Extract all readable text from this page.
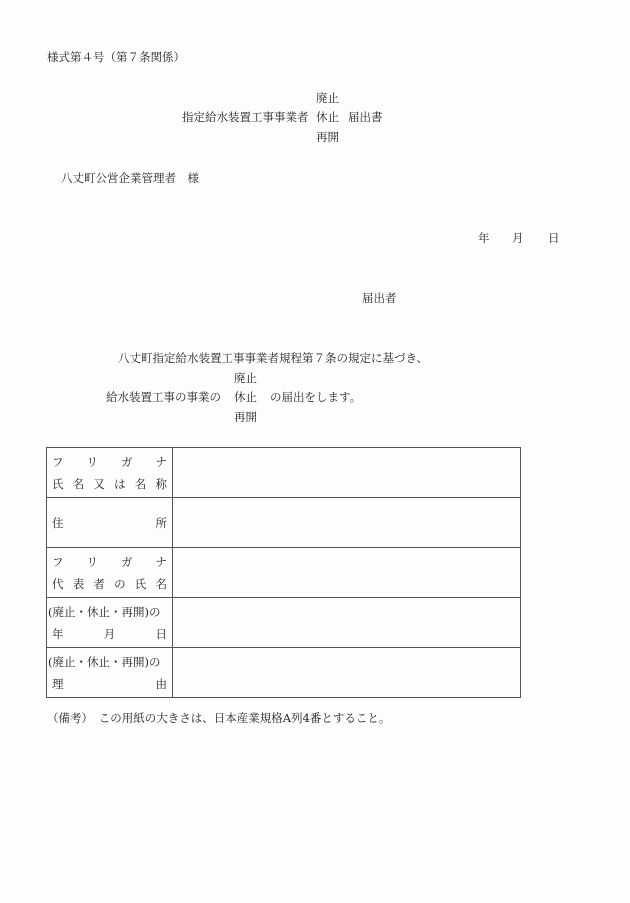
様式第４号（第７条関係）
廃止
指定給水装置工事事業者 休止 届出書
再開
八丈町公営企業管理者　様
年 月 日
届出者
八丈町指定給水装置工事事業者規程第７条の規定に基づき、
廃止
給水装置工事の事業の 休止 の届出をします。
再開
フ リ ガ ナ
氏 名 又 は 名 称

住 所	

フ リ ガ ナ
代 表 者 の 氏 名

(廃止・休止・再開)の
年 月 日	

(廃止・休止・再開)の
理 由	

（備考）　この用紙の大きさは、日本産業規格A列4番とすること。
